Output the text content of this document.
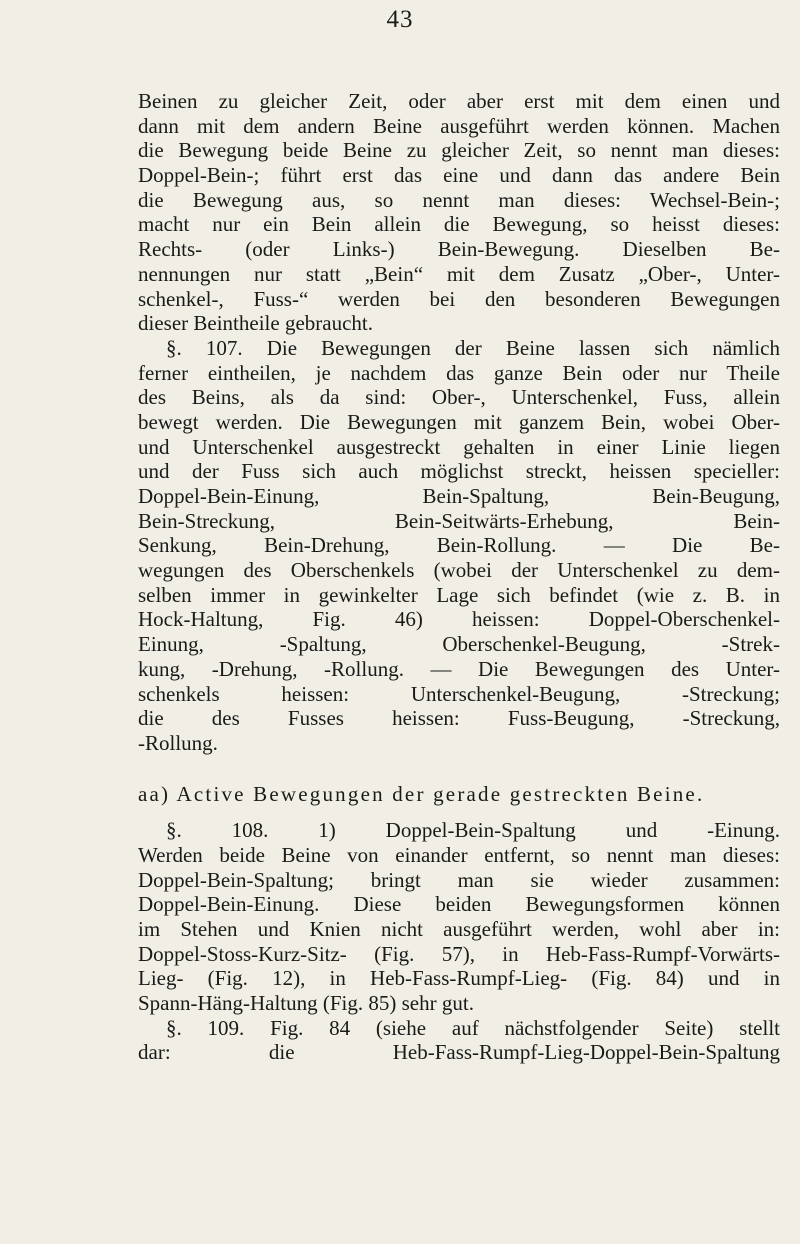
43
Beinen zu gleicher Zeit, oder aber erst mit dem einen und
dann mit dem andern Beine ausgeführt werden können. Machen
die Bewegung beide Beine zu gleicher Zeit, so nennt man dieses:
Doppel-Bein-; führt erst das eine und dann das andere Bein
die Bewegung aus, so nennt man dieses: Wechsel-Bein-;
macht nur ein Bein allein die Bewegung, so heisst dieses:
Rechts- (oder Links-) Bein-Bewegung. Dieselben Be-
nennungen nur statt „Bein“ mit dem Zusatz „Ober-, Unter-
schenkel-, Fuss-“ werden bei den besonderen Bewegungen
dieser Beintheile gebraucht.
§. 107. Die Bewegungen der Beine lassen sich nämlich
ferner eintheilen, je nachdem das ganze Bein oder nur Theile
des Beins, als da sind: Ober-, Unterschenkel, Fuss, allein
bewegt werden. Die Bewegungen mit ganzem Bein, wobei Ober-
und Unterschenkel ausgestreckt gehalten in einer Linie liegen
und der Fuss sich auch möglichst streckt, heissen specieller:
Doppel-Bein-Einung, Bein-Spaltung, Bein-Beugung,
Bein-Streckung, Bein-Seitwärts-Erhebung, Bein-
Senkung, Bein-Drehung, Bein-Rollung. — Die Be-
wegungen des Oberschenkels (wobei der Unterschenkel zu dem-
selben immer in gewinkelter Lage sich befindet (wie z. B. in
Hock-Haltung, Fig. 46) heissen: Doppel-Oberschenkel-
Einung, -Spaltung, Oberschenkel-Beugung, -Strek-
kung, -Drehung, -Rollung. — Die Bewegungen des Unter-
schenkels heissen: Unterschenkel-Beugung, -Streckung;
die des Fusses heissen: Fuss-Beugung, -Streckung,
-Rollung.
aa) Active Bewegungen der gerade gestreckten Beine.
§. 108. 1) Doppel-Bein-Spaltung und -Einung.
Werden beide Beine von einander entfernt, so nennt man dieses:
Doppel-Bein-Spaltung; bringt man sie wieder zusammen:
Doppel-Bein-Einung. Diese beiden Bewegungsformen können
im Stehen und Knien nicht ausgeführt werden, wohl aber in:
Doppel-Stoss-Kurz-Sitz- (Fig. 57), in Heb-Fass-Rumpf-Vorwärts-
Lieg- (Fig. 12), in Heb-Fass-Rumpf-Lieg- (Fig. 84) und in
Spann-Häng-Haltung (Fig. 85) sehr gut.
§. 109. Fig. 84 (siehe auf nächstfolgender Seite) stellt
dar: die Heb-Fass-Rumpf-Lieg-Doppel-Bein-Spaltung
